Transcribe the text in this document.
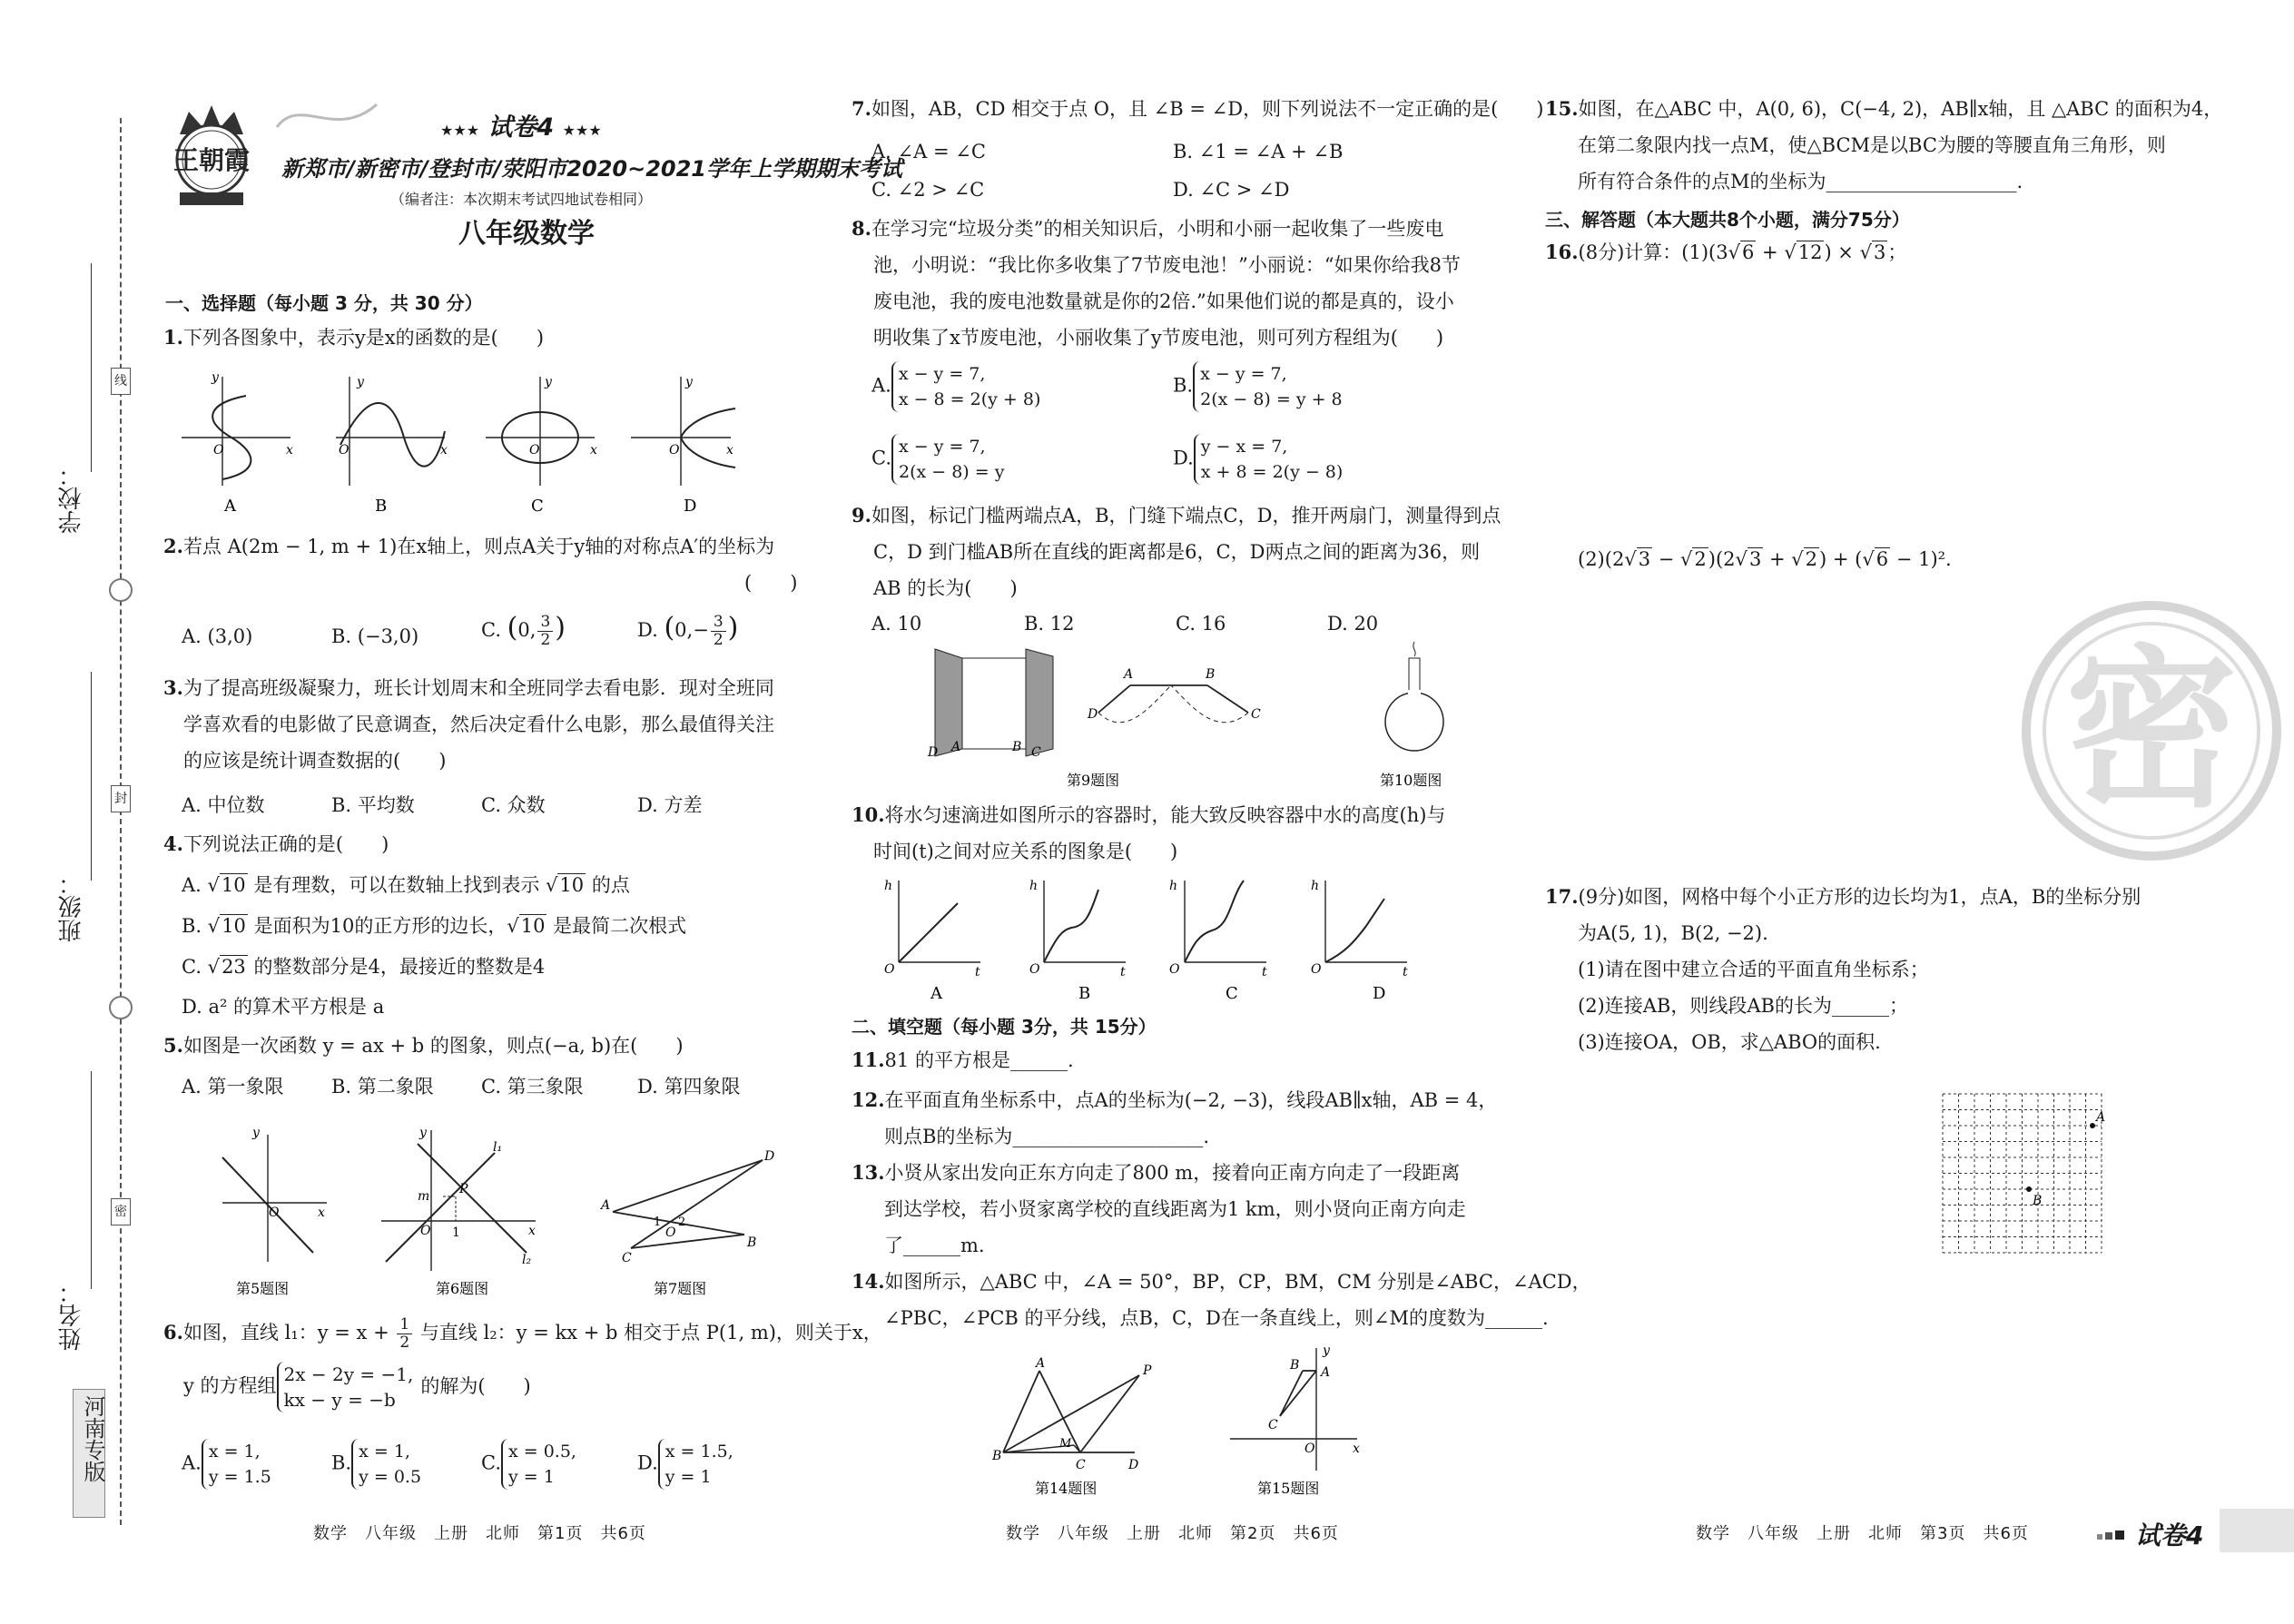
学校：
班级：
姓名：
线
封
密
河南专版
王朝霞
★★★ 试卷4 ★★★
新郑市/新密市/登封市/荥阳市2020~2021学年上学期期末考试
（编者注：本次期末考试四地试卷相同）
八年级数学
一、选择题（每小题 3 分，共 30 分）
1.下列各图象中，表示y是x的函数的是(　　)
y
x
O
y
x
O
y
x
O
y
x
O
A	B	C	D
2.若点 A(2m − 1, m + 1)在x轴上，则点A关于y轴的对称点A′的坐标为
(　　)
A. (3,0)	B. (−3,0)	C. (0, $\frac{3}{2}$ )	D. ($0,- \frac{3}{2}$ )
3.为了提高班级凝聚力，班长计划周末和全班同学去看电影．现对全班同
学喜欢看的电影做了民意调查，然后决定看什么电影，那么最值得关注
的应该是统计调查数据的(　　)
A. 中位数	B. 平均数	C. 众数	D. 方差
4.下列说法正确的是(　　)
A. √10 是有理数，可以在数轴上找到表示 √10 的点
B. √10 是面积为10的正方形的边长，√10 是最简二次根式
C. √23 的整数部分是4，最接近的整数是4
D. a² 的算术平方根是 a
5.如图是一次函数 y = ax + b 的图象，则点(−a, b)在(　　)
A. 第一象限 B. 第二象限 C. 第三象限	D. 第四象限
y
x
O
y
x
O 1
m P
l₁
l₂
A
D
B
C
O
1 2
第5题图	第6题图	第7题图
6.如图，直线 l₁：$y = x + \frac{1}{2}$ 与直线 l₂：y = kx + b 相交于点 P(1, m)，则关于x，
y 的方程组2x − 2y = −1,
kx − y = −b的解为(　　)
A.x = 1,
y = 1.5
B.x = 1,
y = 0.5
C.x = 0.5,
y = 1
D.x = 1.5,
y = 1
数学　八年级　上册　北师　第1页　共6页
7.如图，AB，CD 相交于点 O，且 ∠B = ∠D，则下列说法不一定正确的是(　　)
A. ∠A = ∠C	B. ∠1 = ∠A + ∠B
C. ∠2 > ∠C	D. ∠C > ∠D
8.在学习完“垃圾分类”的相关知识后，小明和小丽一起收集了一些废电
池，小明说：“我比你多收集了7节废电池！”小丽说：“如果你给我8节
废电池，我的废电池数量就是你的2倍.”如果他们说的都是真的，设小
明收集了x节废电池，小丽收集了y节废电池，则可列方程组为(　　)
A.x − y = 7,
x − 8 = 2(y + 8)
B.x − y = 7,
2(x − 8) = y + 8
C.x − y = 7,
2(x − 8) = y
D.y − x = 7,
x + 8 = 2(y − 8)
9.如图，标记门槛两端点A，B，门缝下端点C，D，推开两扇门，测量得到点
C，D 到门槛AB所在直线的距离都是6，C，D两点之间的距离为36，则
AB 的长为(　　)
A. 10	B. 12	C. 16	D. 20
D A	B C
D
A	B
C
第9题图	第10题图
10.将水匀速滴进如图所示的容器时，能大致反映容器中水的高度(h)与
时间(t)之间对应关系的图象是(　　)
h
t
O
h
t
O
h
t
O
h
t
O
A	B	C	D
二、填空题（每小题 3分，共 15分）
11.81 的平方根是______.
12.在平面直角坐标系中，点A的坐标为(−2, −3)，线段AB∥x轴，AB = 4，
则点B的坐标为____________________.
13.小贤从家出发向正东方向走了800 m，接着向正南方向走了一段距离
到达学校，若小贤家离学校的直线距离为1 km，则小贤向正南方向走
了______m.
14.如图所示，△ABC 中，∠A = 50°，BP，CP，BM，CM 分别是∠ABC，∠ACD，
∠PBC，∠PCB 的平分线，点B，C，D在一条直线上，则∠M的度数为______.
B
A	P
M
C	D
B A
y
x
C
O
第14题图	第15题图
数学　八年级　上册　北师　第2页　共6页
15.如图，在△ABC 中，A(0, 6)，C(−4, 2)，AB∥x轴，且 △ABC 的面积为4，
在第二象限内找一点M，使△BCM是以BC为腰的等腰直角三角形，则
所有符合条件的点M的坐标为____________________.
三、解答题（本大题共8个小题，满分75分）
16.(8分)计算：(1)(3√6 + √12) × √3；
(2)(2√3 − √2)(2√3 + √2) + (√6 − 1)².
密
17.(9分)如图，网格中每个小正方形的边长均为1，点A，B的坐标分别
为A(5, 1)，B(2, −2).
(1)请在图中建立合适的平面直角坐标系；
(2)连接AB，则线段AB的长为______；
(3)连接OA，OB，求△ABO的面积.
A
B
数学　八年级　上册　北师　第3页　共6页	试卷4
